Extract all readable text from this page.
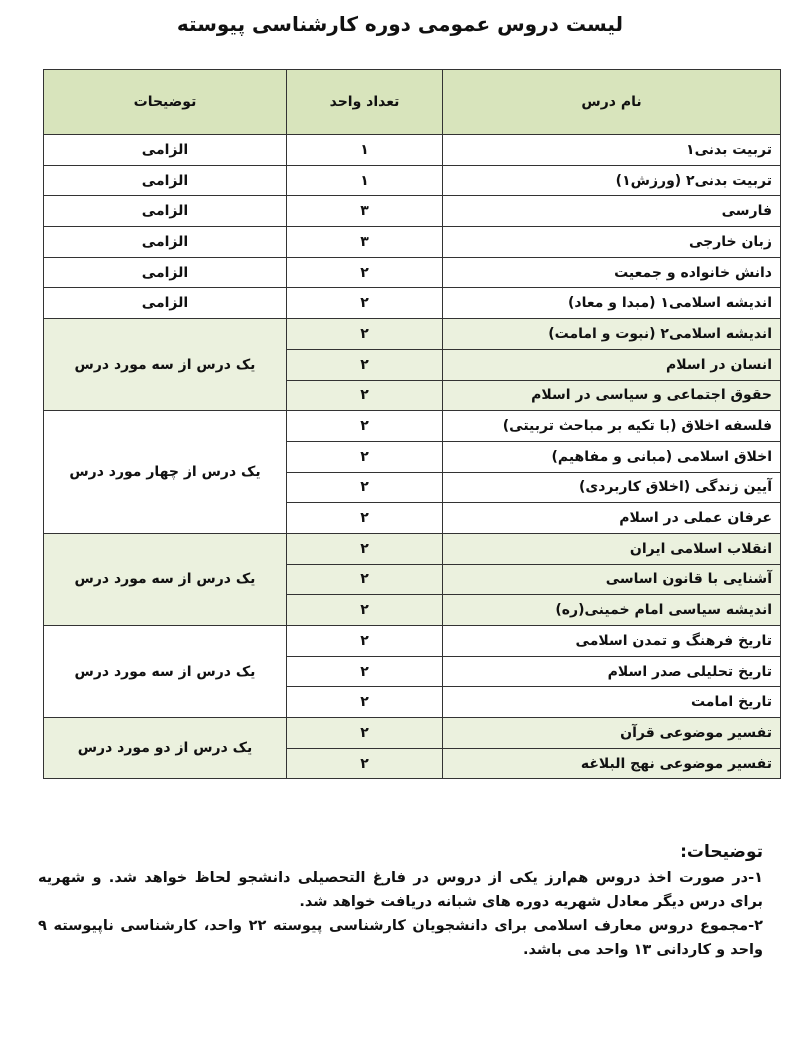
لیست دروس عمومی دوره کارشناسی پیوسته
نام درس	تعداد واحد	توضیحات
تربیت بدنی۱	۱	الزامی
تربیت بدنی۲ (ورزش۱)	۱	الزامی
فارسی	۳	الزامی
زبان خارجی	۳	الزامی
دانش خانواده و جمعیت	۲	الزامی
اندیشه اسلامی۱ (مبدا و معاد)	۲	الزامی
اندیشه اسلامی۲ (نبوت و امامت)	۲	یک درس از سه مورد درس
انسان در اسلام	۲	
حقوق اجتماعی و سیاسی در اسلام	۲	
فلسفه اخلاق (با تکیه بر مباحث تربیتی)	۲	یک درس از چهار مورد درس
اخلاق اسلامی (مبانی و مفاهیم)	۲	
آیین زندگی (اخلاق کاربردی)	۲	
عرفان عملی در اسلام	۲	
انقلاب اسلامی ایران	۲	یک درس از سه مورد درس
آشنایی با قانون اساسی	۲	
اندیشه سیاسی امام خمینی(ره)	۲	
تاریخ فرهنگ و تمدن اسلامی	۲	یک درس از سه مورد درس
تاریخ تحلیلی صدر اسلام	۲	
تاریخ امامت	۲	
تفسیر موضوعی قرآن	۲	یک درس از دو مورد درس
تفسیر موضوعی نهج البلاغه	۲	
توضیحات:

۱-در صورت اخذ دروس هم‌ارز یکی از دروس در فارغ التحصیلی دانشجو لحاظ خواهد شد. و شهریه برای درس دیگر معادل شهریه دوره های شبانه دریافت خواهد شد.

۲-مجموع دروس معارف اسلامی برای دانشجویان کارشناسی پیوسته ۲۲ واحد، کارشناسی ناپیوسته ۹ واحد و کاردانی ۱۳ واحد می باشد.
